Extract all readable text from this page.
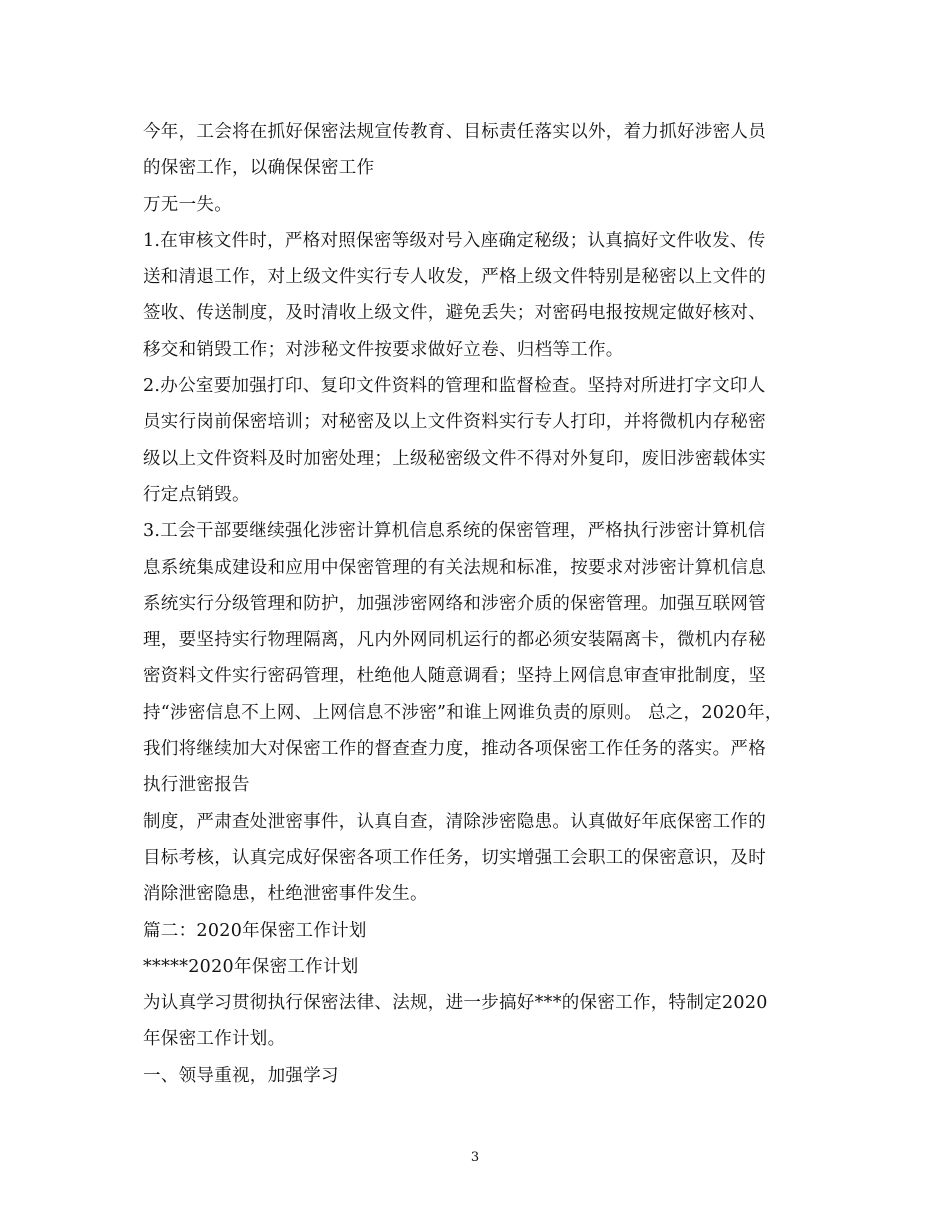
今年，工会将在抓好保密法规宣传教育、目标责任落实以外，着力抓好涉密人员
的保密工作，以确保保密工作
万无一失。
1.在审核文件时，严格对照保密等级对号入座确定秘级；认真搞好文件收发、传
送和清退工作，对上级文件实行专人收发，严格上级文件特别是秘密以上文件的
签收、传送制度，及时清收上级文件，避免丢失；对密码电报按规定做好核对、
移交和销毁工作；对涉秘文件按要求做好立卷、归档等工作。
2.办公室要加强打印、复印文件资料的管理和监督检查。坚持对所进打字文印人
员实行岗前保密培训；对秘密及以上文件资料实行专人打印，并将微机内存秘密
级以上文件资料及时加密处理；上级秘密级文件不得对外复印，废旧涉密载体实
行定点销毁。
3.工会干部要继续强化涉密计算机信息系统的保密管理，严格执行涉密计算机信
息系统集成建设和应用中保密管理的有关法规和标准，按要求对涉密计算机信息
系统实行分级管理和防护，加强涉密网络和涉密介质的保密管理。加强互联网管
理，要坚持实行物理隔离，凡内外网同机运行的都必须安装隔离卡，微机内存秘
密资料文件实行密码管理，杜绝他人随意调看；坚持上网信息审查审批制度，坚
持“涉密信息不上网、上网信息不涉密”和谁上网谁负责的原则。 总之，2020年，
我们将继续加大对保密工作的督查查力度，推动各项保密工作任务的落实。严格
执行泄密报告
制度，严肃查处泄密事件，认真自查，清除涉密隐患。认真做好年底保密工作的
目标考核，认真完成好保密各项工作任务，切实增强工会职工的保密意识，及时
消除泄密隐患，杜绝泄密事件发生。
篇二：2020年保密工作计划
*****2020年保密工作计划
为认真学习贯彻执行保密法律、法规，进一步搞好***的保密工作，特制定2020
年保密工作计划。
一、领导重视，加强学习
3
